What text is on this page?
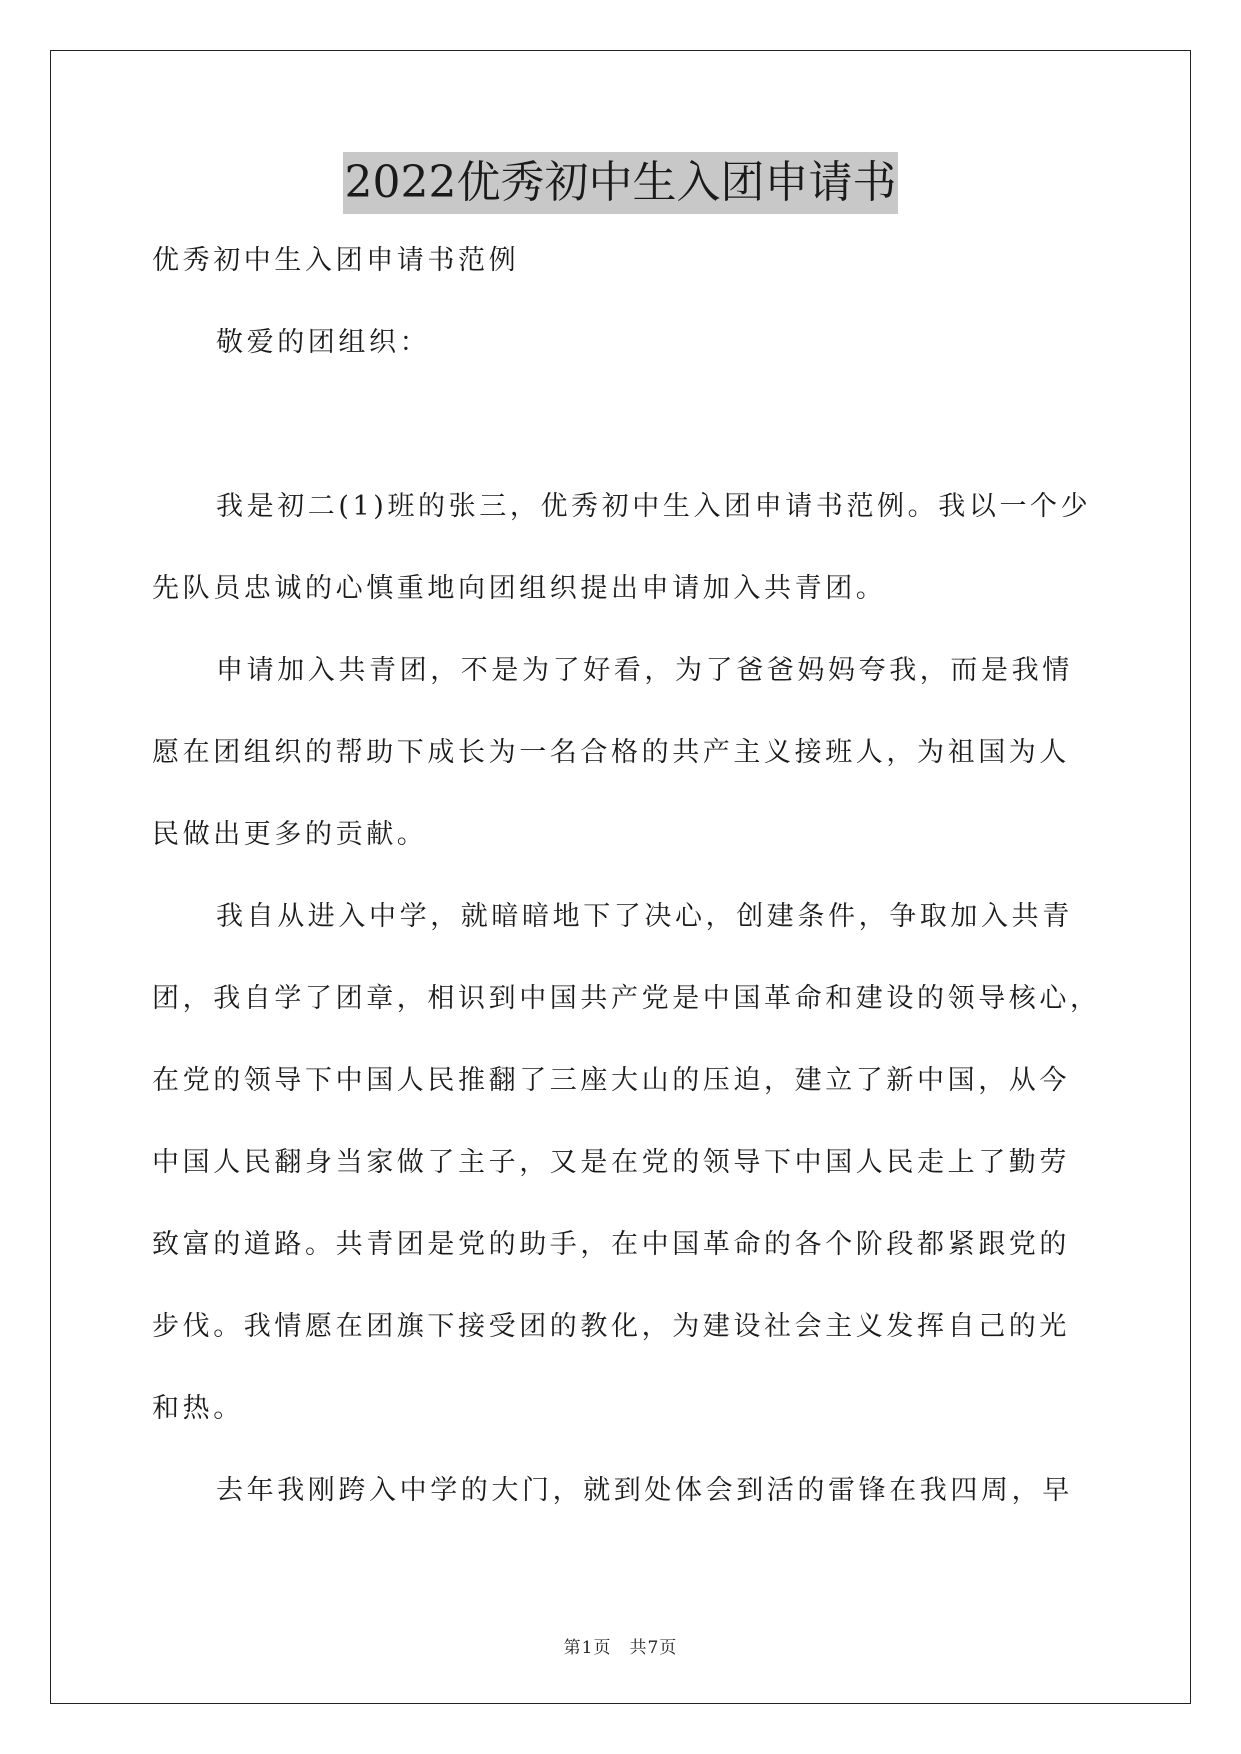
2022优秀初中生入团申请书
优秀初中生入团申请书范例
敬爱的团组织：
我是初二(1)班的张三，优秀初中生入团申请书范例。我以一个少
先队员忠诚的心慎重地向团组织提出申请加入共青团。
申请加入共青团，不是为了好看，为了爸爸妈妈夸我，而是我情
愿在团组织的帮助下成长为一名合格的共产主义接班人，为祖国为人
民做出更多的贡献。
我自从进入中学，就暗暗地下了决心，创建条件，争取加入共青
团，我自学了团章，相识到中国共产党是中国革命和建设的领导核心，
在党的领导下中国人民推翻了三座大山的压迫，建立了新中国，从今
中国人民翻身当家做了主子，又是在党的领导下中国人民走上了勤劳
致富的道路。共青团是党的助手，在中国革命的各个阶段都紧跟党的
步伐。我情愿在团旗下接受团的教化，为建设社会主义发挥自己的光
和热。
去年我刚跨入中学的大门，就到处体会到活的雷锋在我四周，早
第1页　共7页
